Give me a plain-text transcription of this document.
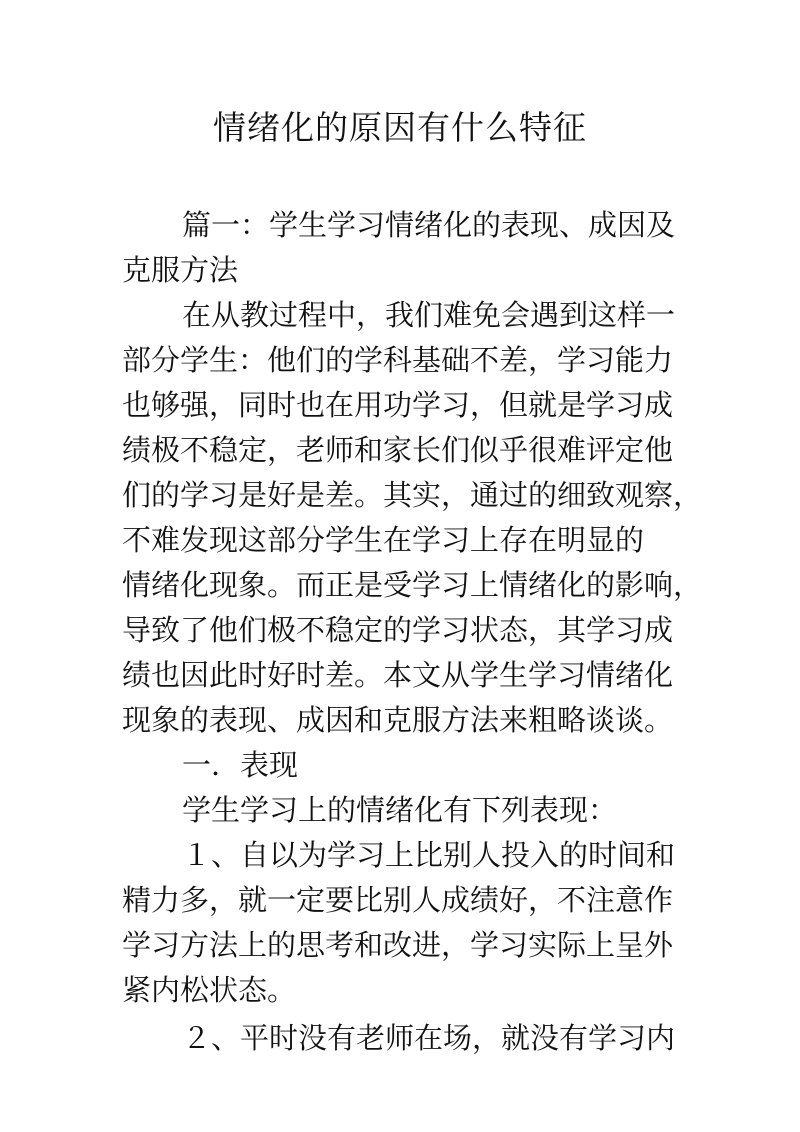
情绪化的原因有什么特征

篇一：学生学习情绪化的表现、成因及

克服方法

在从教过程中，我们难免会遇到这样一

部分学生：他们的学科基础不差，学习能力

也够强，同时也在用功学习，但就是学习成

绩极不稳定，老师和家长们似乎很难评定他

们的学习是好是差。其实，通过的细致观察，

不难发现这部分学生在学习上存在明显的

情绪化现象。而正是受学习上情绪化的影响，

导致了他们极不稳定的学习状态，其学习成

绩也因此时好时差。本文从学生学习情绪化

现象的表现、成因和克服方法来粗略谈谈。

一．表现

学生学习上的情绪化有下列表现：

１、自以为学习上比别人投入的时间和

精力多，就一定要比别人成绩好，不注意作

学习方法上的思考和改进，学习实际上呈外

紧内松状态。

２、平时没有老师在场，就没有学习内
